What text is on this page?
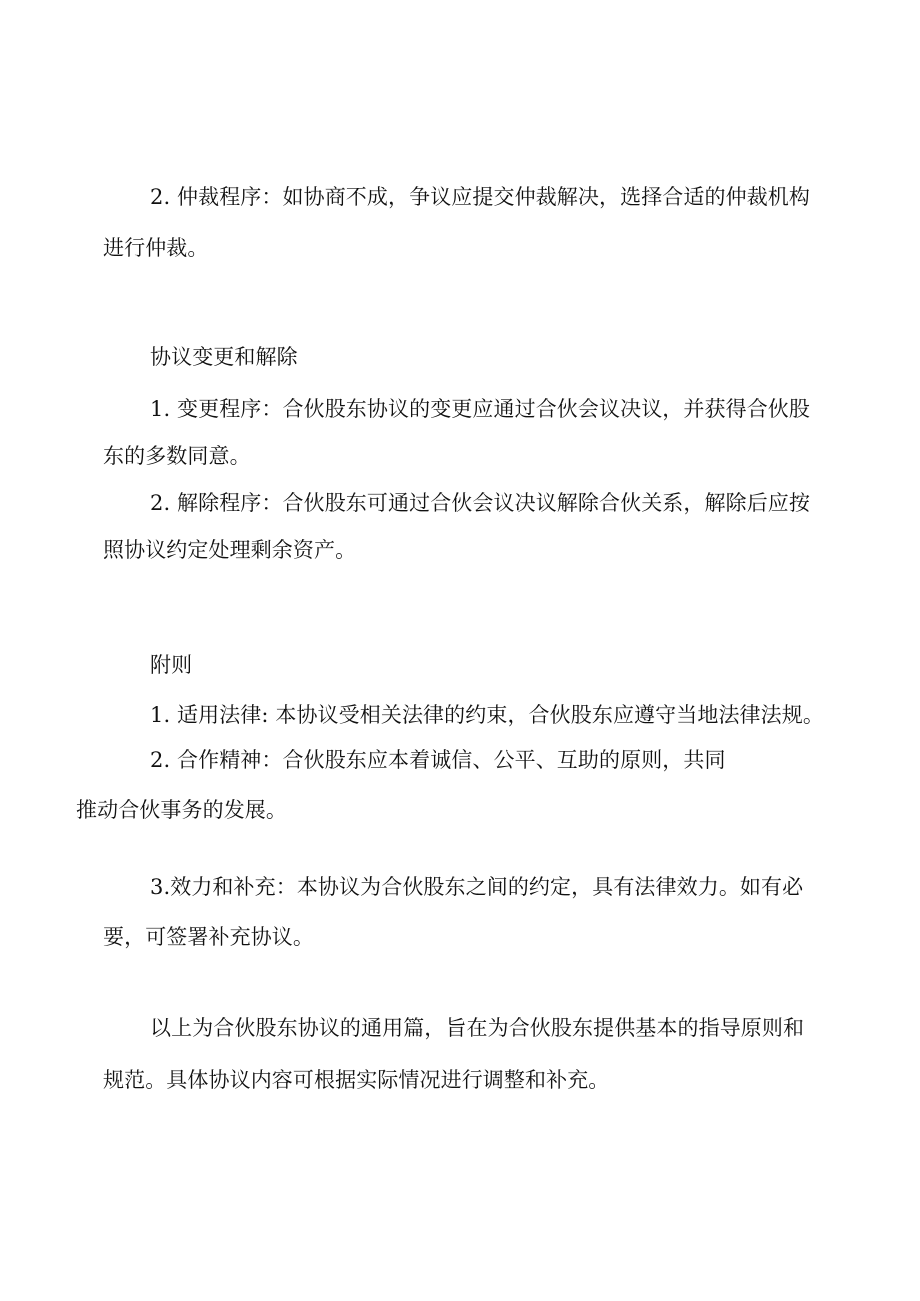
2. 仲裁程序：如协商不成，争议应提交仲裁解决，选择合适的仲裁机构
进行仲裁。
协议变更和解除
1. 变更程序：合伙股东协议的变更应通过合伙会议决议，并获得合伙股
东的多数同意。
2. 解除程序：合伙股东可通过合伙会议决议解除合伙关系，解除后应按
照协议约定处理剩余资产。
附则
1. 适用法律: 本协议受相关法律的约束，合伙股东应遵守当地法律法规。
2. 合作精神：合伙股东应本着诚信、公平、互助的原则，共同
推动合伙事务的发展。
3.效力和补充：本协议为合伙股东之间的约定，具有法律效力。如有必
要，可签署补充协议。
以上为合伙股东协议的通用篇，旨在为合伙股东提供基本的指导原则和
规范。具体协议内容可根据实际情况进行调整和补充。
